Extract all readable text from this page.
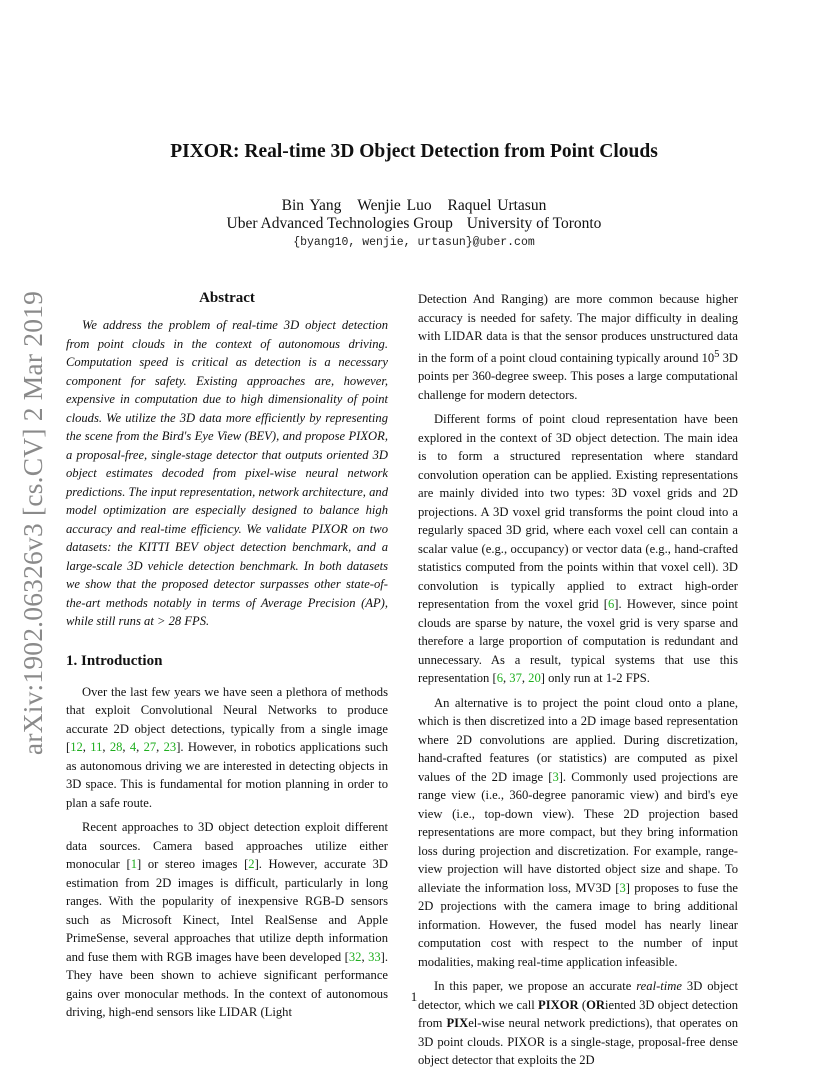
arXiv:1902.06326v3 [cs.CV] 2 Mar 2019
PIXOR: Real-time 3D Object Detection from Point Clouds
Bin Yang Wenjie Luo Raquel Urtasun
Uber Advanced Technologies Group University of Toronto
{byang10, wenjie, urtasun}@uber.com
Abstract

We address the problem of real-time 3D object detection from point clouds in the context of autonomous driving. Computation speed is critical as detection is a necessary component for safety. Existing approaches are, however, expensive in computation due to high dimensionality of point clouds. We utilize the 3D data more efficiently by representing the scene from the Bird's Eye View (BEV), and propose PIXOR, a proposal-free, single-stage detector that outputs oriented 3D object estimates decoded from pixel-wise neural network predictions. The input representation, network architecture, and model optimization are especially designed to balance high accuracy and real-time efficiency. We validate PIXOR on two datasets: the KITTI BEV object detection benchmark, and a large-scale 3D vehicle detection benchmark. In both datasets we show that the proposed detector surpasses other state-of-the-art methods notably in terms of Average Precision (AP), while still runs at > 28 FPS.

1. Introduction

Over the last few years we have seen a plethora of methods that exploit Convolutional Neural Networks to produce accurate 2D object detections, typically from a single image [12, 11, 28, 4, 27, 23]. However, in robotics applications such as autonomous driving we are interested in detecting objects in 3D space. This is fundamental for motion planning in order to plan a safe route.

Recent approaches to 3D object detection exploit different data sources. Camera based approaches utilize either monocular [1] or stereo images [2]. However, accurate 3D estimation from 2D images is difficult, particularly in long ranges. With the popularity of inexpensive RGB-D sensors such as Microsoft Kinect, Intel RealSense and Apple PrimeSense, several approaches that utilize depth information and fuse them with RGB images have been developed [32, 33]. They have been shown to achieve significant performance gains over monocular methods. In the context of autonomous driving, high-end sensors like LIDAR (Light

Detection And Ranging) are more common because higher accuracy is needed for safety. The major difficulty in dealing with LIDAR data is that the sensor produces unstructured data in the form of a point cloud containing typically around $10^5$ 3D points per 360-degree sweep. This poses a large computational challenge for modern detectors.

Different forms of point cloud representation have been explored in the context of 3D object detection. The main idea is to form a structured representation where standard convolution operation can be applied. Existing representations are mainly divided into two types: 3D voxel grids and 2D projections. A 3D voxel grid transforms the point cloud into a regularly spaced 3D grid, where each voxel cell can contain a scalar value (e.g., occupancy) or vector data (e.g., hand-crafted statistics computed from the points within that voxel cell). 3D convolution is typically applied to extract high-order representation from the voxel grid [6]. However, since point clouds are sparse by nature, the voxel grid is very sparse and therefore a large proportion of computation is redundant and unnecessary. As a result, typical systems that use this representation [6, 37, 20] only run at 1-2 FPS.

An alternative is to project the point cloud onto a plane, which is then discretized into a 2D image based representation where 2D convolutions are applied. During discretization, hand-crafted features (or statistics) are computed as pixel values of the 2D image [3]. Commonly used projections are range view (i.e., 360-degree panoramic view) and bird's eye view (i.e., top-down view). These 2D projection based representations are more compact, but they bring information loss during projection and discretization. For example, range-view projection will have distorted object size and shape. To alleviate the information loss, MV3D [3] proposes to fuse the 2D projections with the camera image to bring additional information. However, the fused model has nearly linear computation cost with respect to the number of input modalities, making real-time application infeasible.

In this paper, we propose an accurate real-time 3D object detector, which we call PIXOR (ORiented 3D object detection from PIXel-wise neural network predictions), that operates on 3D point clouds. PIXOR is a single-stage, proposal-free dense object detector that exploits the 2D

1
